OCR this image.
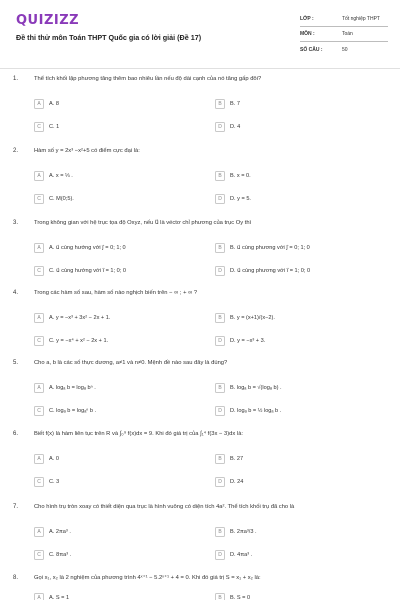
QUIZIZZ
Đề thi thử môn Toán THPT Quốc gia có lời giải (Đề 17)
LỚP :	Tốt nghiệp THPT
MÔN :	Toán
SỐ CÂU :	50
1.	Thể tích khối lập phương tăng thêm bao nhiêu lần nếu độ dài cạnh của nó tăng gấp đôi?
A	A. 8	B	B. 7
C	C. 1	D	D. 4
2.	Hàm số y = 2x³ −x²+5 có điểm cực đại là:
A	A. x = ⅓ .	B	B. x = 0.
C	C. M(0;5).	D	D. y = 5.
3.	Trong không gian với hệ trục tọa độ Oxyz, nếu u⃗ là véctơ chỉ phương của trục Oy thì
A	A. u⃗ cùng hướng với j⃗ = 0; 1; 0	B	B. u⃗ cùng phương với j⃗ = 0; 1; 0
C	C. u⃗ cùng hướng với i⃗ = 1; 0; 0	D	D. u⃗ cùng phương với i⃗ = 1; 0; 0
4.	Trong các hàm số sau, hàm số nào nghịch biến trên − ∞ ; + ∞ ?
A	A. y = −x³ + 3x² − 2x + 1.	B	B. y = (x+1)/(x−2).
C	C. y = −x⁴ + x² − 2x + 1.	D	D. y = −x³ + 3.
5.	Cho a, b là các số thực dương, a≠1 và n≠0. Mệnh đề nào sau đây là đúng?
A	A. logₐ b = logₐ bⁿ .	B	B. logₐ b = √(logₐ b) .
C	C. logₐ b = logₐⁿ b .	D	D. logₐ b = ½ logₐ b .
6.	Biết f(x) là hàm liên tục trên R và ∫₀⁹ f(x)dx = 9. Khi đó giá trị của ∫₁⁴ f(3x − 3)dx là:
A	A. 0	B	B. 27
C	C. 3	D	D. 24
7.	Cho hình trụ tròn xoay có thiết diện qua trục là hình vuông có diện tích 4a². Thể tích khối trụ đã cho là
A	A. 2πa³ .	B	B. 2πa³/3 .
C	C. 8πa³ .	D	D. 4πa³ .
8.	Gọi x₁, x₂ là 2 nghiệm của phương trình 4ˣ⁺¹ − 5.2ˣ⁺¹ + 4 = 0. Khi đó giá trị S = x₁ + x₂ là:
A	A. S = 1	B	B. S = 0
